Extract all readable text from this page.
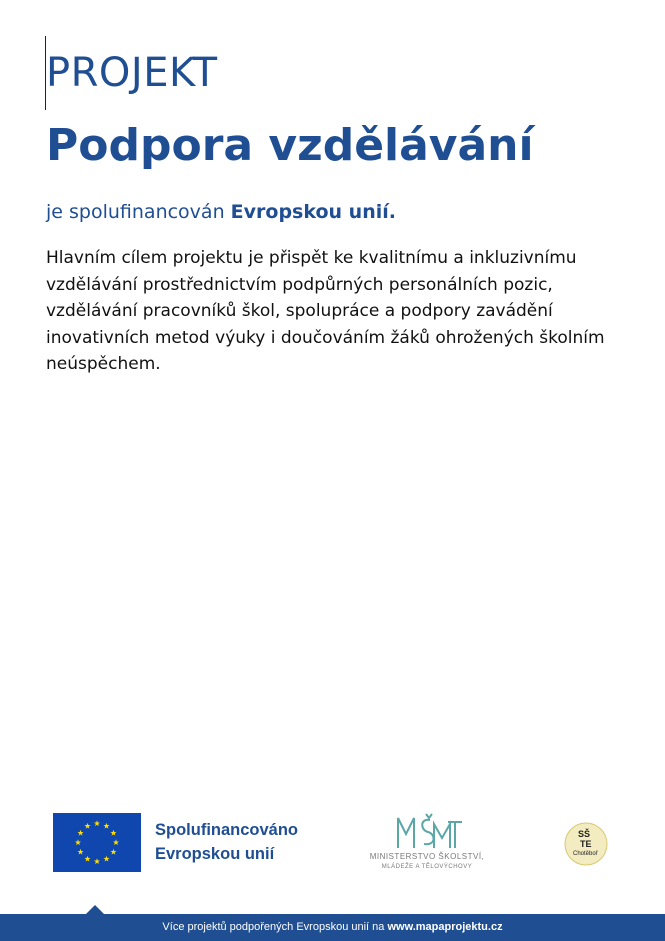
PROJEKT
Podpora vzdělávání
je spolufinancován Evropskou unií.
Hlavním cílem projektu je přispět ke kvalitnímu a inkluzivnímu vzdělávání prostřednictvím podpůrných personálních pozic, vzdělávání pracovníků škol, spolupráce a podpory zavádění inovativních metod výuky i doučováním žáků ohrožených školním neúspěchem.
Spolufinancováno
Evropskou unií	MINISTERSTVO ŠKOLSTVÍ,
MLÁDEŽE A TĚLOVÝCHOVY
SŠ
TE
Chotěboř
Více projektů podpořených Evropskou unií na www.mapaprojektu.cz
